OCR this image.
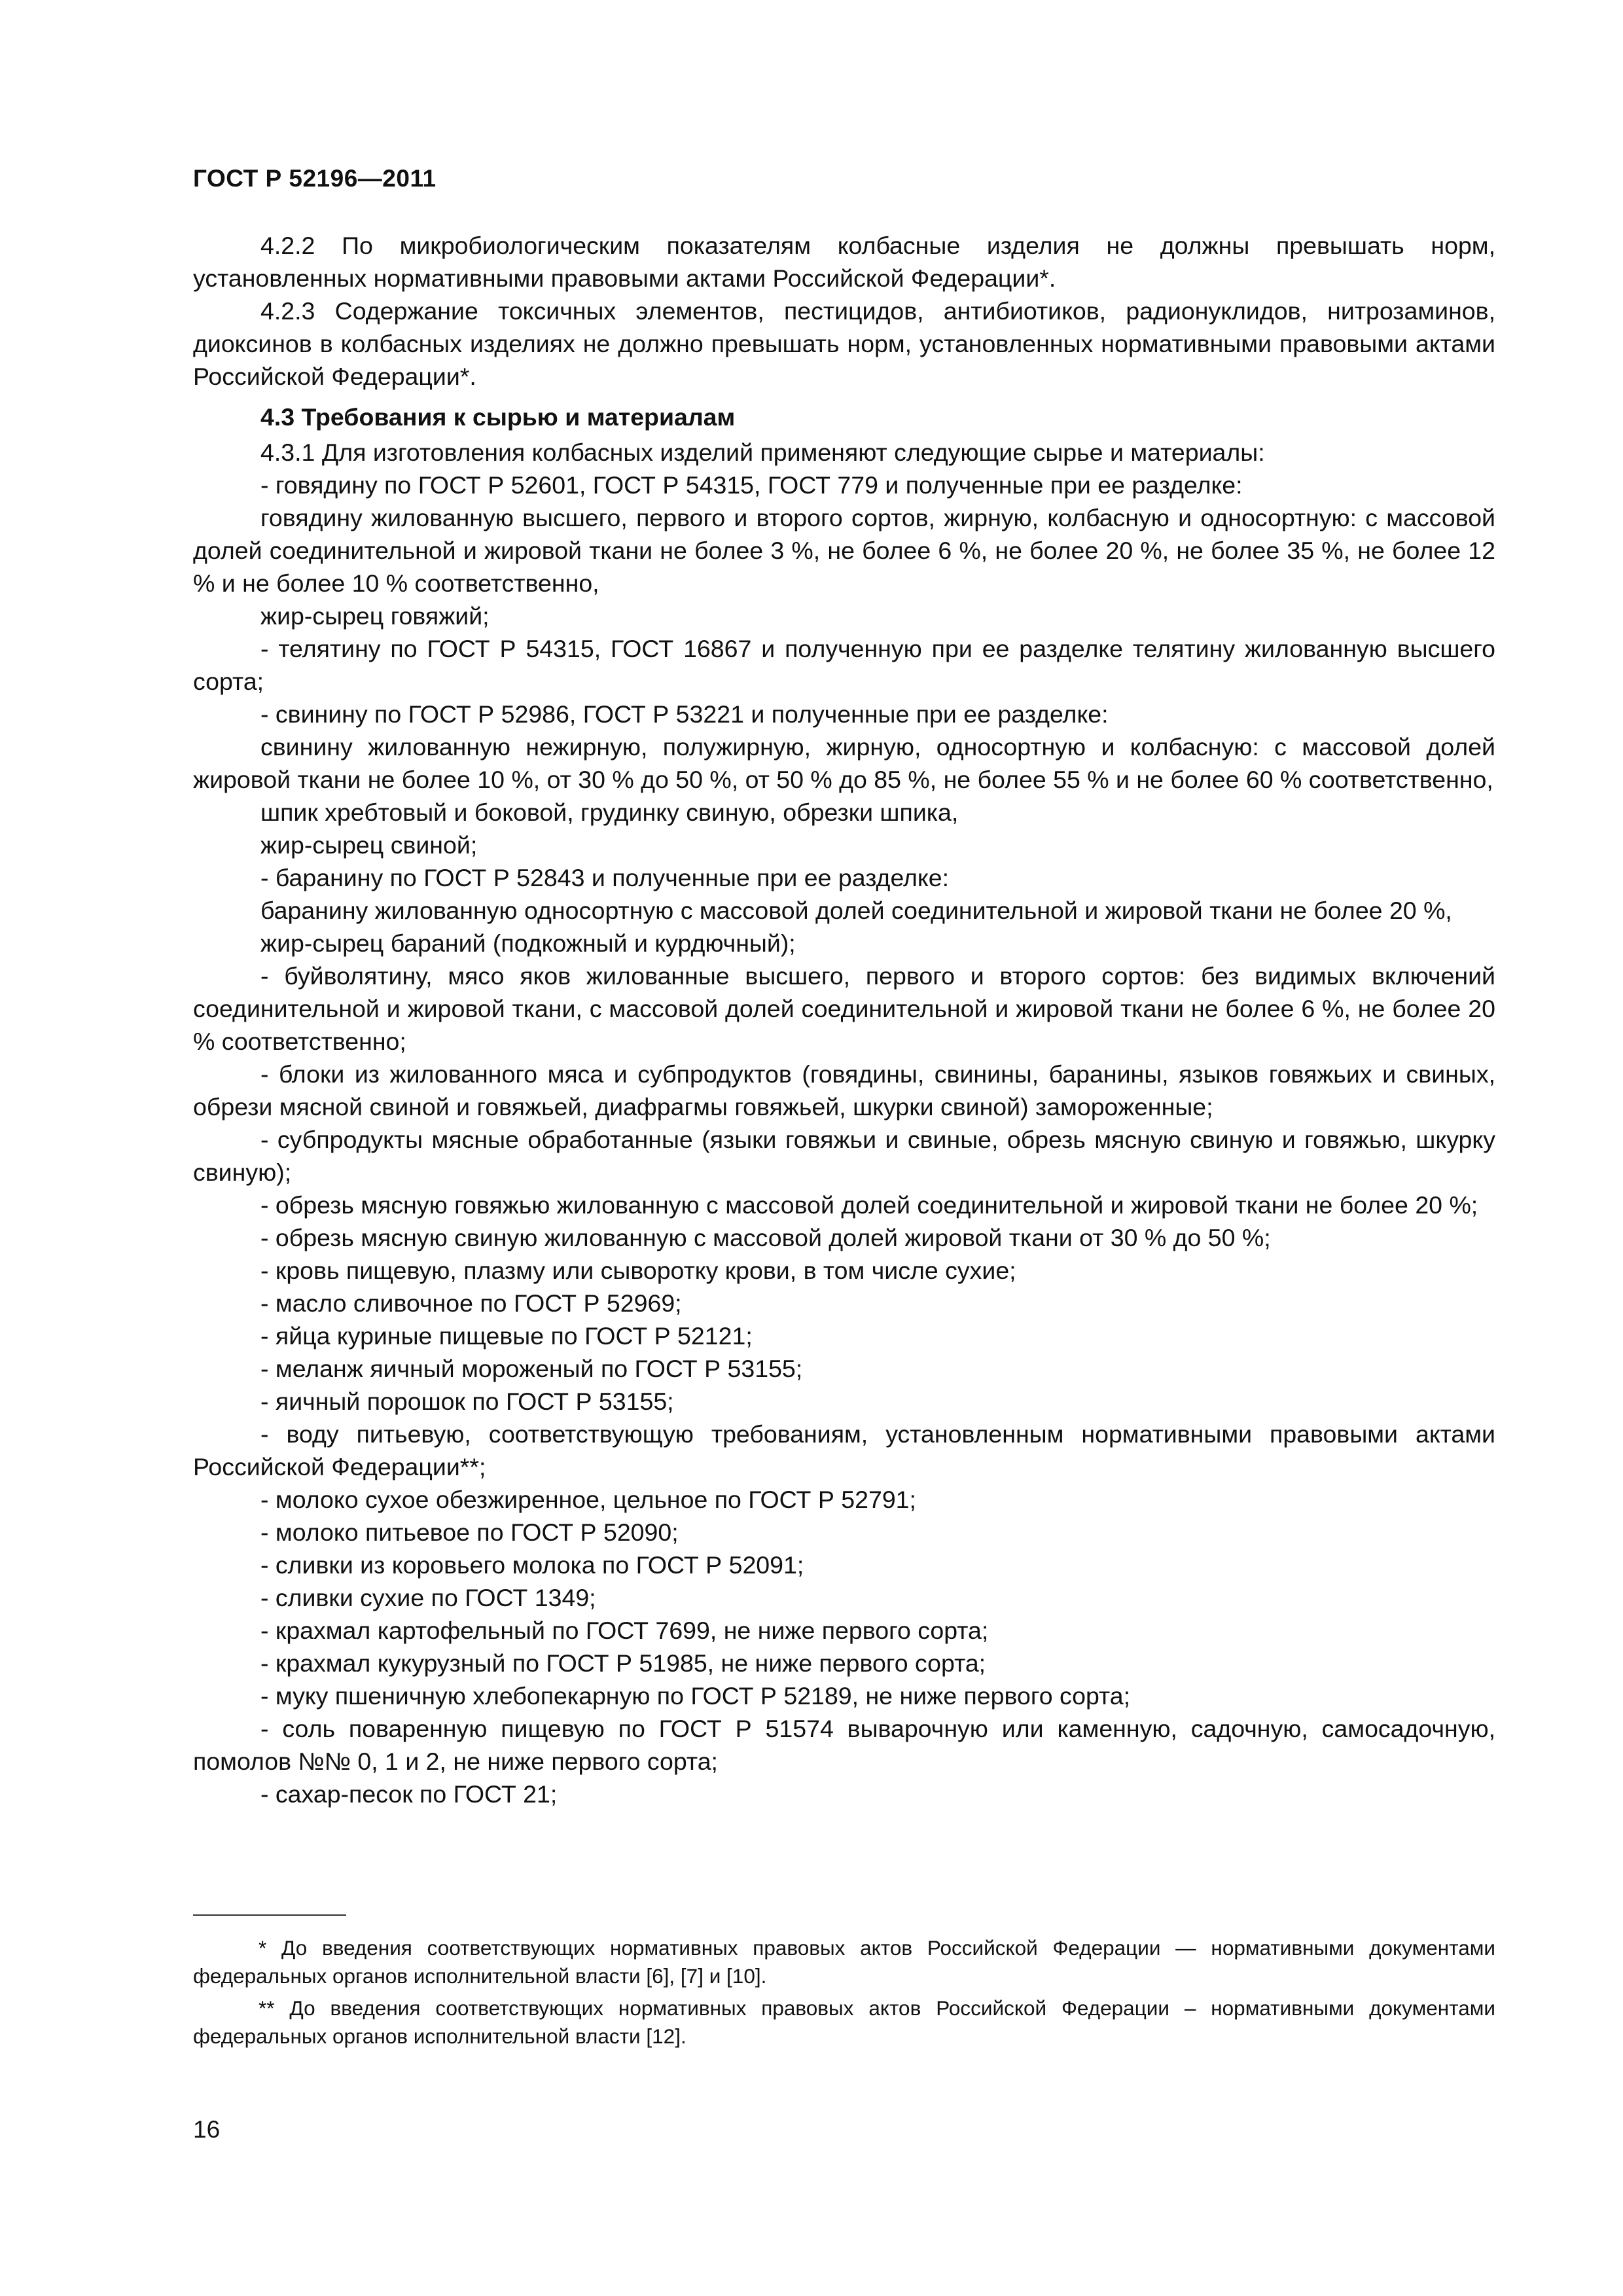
ГОСТ Р 52196—2011

4.2.2 По микробиологическим показателям колбасные изделия не должны превышать норм, установленных нормативными правовыми актами Российской Федерации*.

4.2.3 Содержание токсичных элементов, пестицидов, антибиотиков, радионуклидов, нитрозаминов, диоксинов в колбасных изделиях не должно превышать норм, установленных нормативными правовыми актами Российской Федерации*.

4.3 Требования к сырью и материалам

4.3.1 Для изготовления колбасных изделий применяют следующие сырье и материалы:

- говядину по ГОСТ Р 52601, ГОСТ Р 54315, ГОСТ 779 и полученные при ее разделке:

говядину жилованную высшего, первого и второго сортов, жирную, колбасную и односортную: с массовой долей соединительной и жировой ткани не более 3 %, не более 6 %, не более 20 %, не более 35 %, не более 12 % и не более 10 % соответственно,

жир-сырец говяжий;

- телятину по ГОСТ Р 54315, ГОСТ 16867 и полученную при ее разделке телятину жилованную высшего сорта;

- свинину по ГОСТ Р 52986, ГОСТ Р 53221 и полученные при ее разделке:

свинину жилованную нежирную, полужирную, жирную, односортную и колбасную: с массовой долей жировой ткани не более 10 %, от 30 % до 50 %, от 50 % до 85 %, не более 55 % и не более 60 % соответственно,

шпик хребтовый и боковой, грудинку свиную, обрезки шпика,

жир-сырец свиной;

- баранину по ГОСТ Р 52843 и полученные при ее разделке:

баранину жилованную односортную с массовой долей соединительной и жировой ткани не более 20 %,

жир-сырец бараний (подкожный и курдючный);

- буйволятину, мясо яков жилованные высшего, первого и второго сортов: без видимых включений соединительной и жировой ткани, с массовой долей соединительной и жировой ткани не более 6 %, не более 20 % соответственно;

- блоки из жилованного мяса и субпродуктов (говядины, свинины, баранины, языков говяжьих и свиных, обрези мясной свиной и говяжьей, диафрагмы говяжьей, шкурки свиной) замороженные;

- субпродукты мясные обработанные (языки говяжьи и свиные, обрезь мясную свиную и говяжью, шкурку свиную);

- обрезь мясную говяжью жилованную с массовой долей соединительной и жировой ткани не более 20 %;

- обрезь мясную свиную жилованную с массовой долей жировой ткани от 30 % до 50 %;

- кровь пищевую, плазму или сыворотку крови, в том числе сухие;

- масло сливочное по ГОСТ Р 52969;

- яйца куриные пищевые по ГОСТ Р 52121;

- меланж яичный мороженый по ГОСТ Р 53155;

- яичный порошок по ГОСТ Р 53155;

- воду питьевую, соответствующую требованиям, установленным нормативными правовыми актами Российской Федерации**;

- молоко сухое обезжиренное, цельное по ГОСТ Р 52791;

- молоко питьевое по ГОСТ Р 52090;

- сливки из коровьего молока по ГОСТ Р 52091;

- сливки сухие по ГОСТ 1349;

- крахмал картофельный по ГОСТ 7699, не ниже первого сорта;

- крахмал кукурузный по ГОСТ Р 51985, не ниже первого сорта;

- муку пшеничную хлебопекарную по ГОСТ Р 52189, не ниже первого сорта;

- соль поваренную пищевую по ГОСТ Р 51574 выварочную или каменную, садочную, самосадочную, помолов №№ 0, 1 и 2, не ниже первого сорта;

- сахар-песок по ГОСТ 21;

* До введения соответствующих нормативных правовых актов Российской Федерации — нормативными документами федеральных органов исполнительной власти [6], [7] и [10].

** До введения соответствующих нормативных правовых актов Российской Федерации – нормативными документами федеральных органов исполнительной власти [12].

16
